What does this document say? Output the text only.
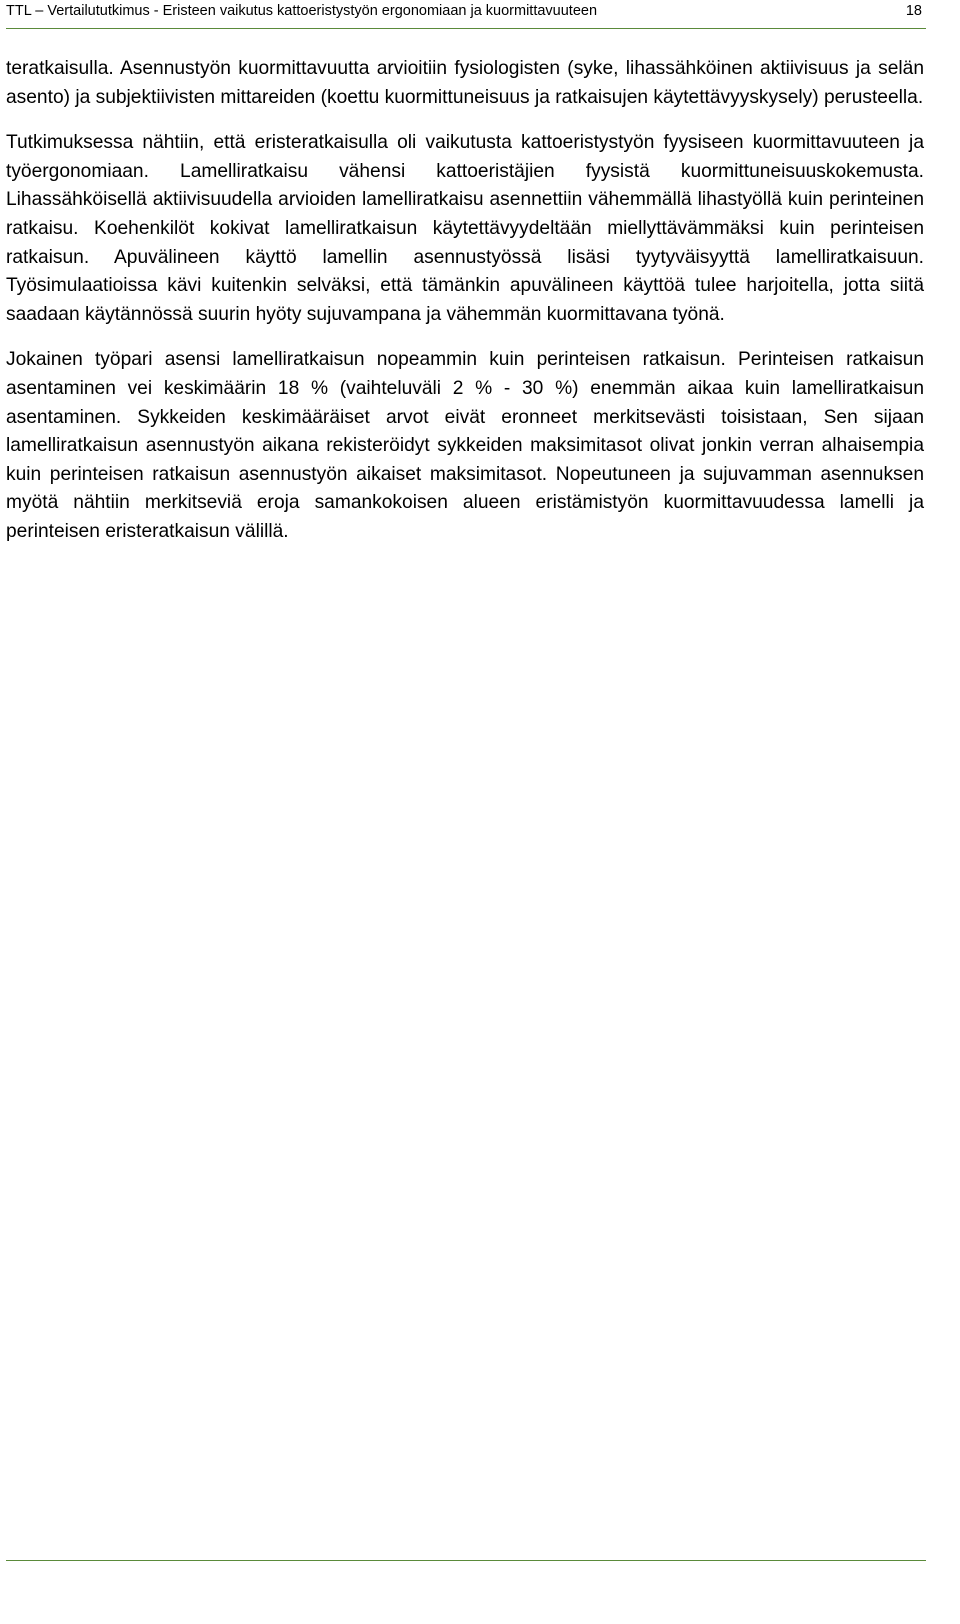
TTL – Vertailututkimus - Eristeen vaikutus kattoeristystyön ergonomiaan ja kuormittavuuteen	18

teratkaisulla. Asennustyön kuormittavuutta arvioitiin fysiologisten (syke, lihassähköinen aktiivisuus ja selän asento) ja subjektiivisten mittareiden (koettu kuormittuneisuus ja ratkaisujen käytettävyyskysely) perusteella.

Tutkimuksessa nähtiin, että eristeratkaisulla oli vaikutusta kattoeristystyön fyysiseen kuormittavuuteen ja työergonomiaan. Lamelliratkaisu vähensi kattoeristäjien fyysistä kuormittuneisuuskokemusta. Lihassähköisellä aktiivisuudella arvioiden lamelliratkaisu asennettiin vähemmällä lihastyöllä kuin perinteinen ratkaisu. Koehenkilöt kokivat lamelliratkaisun käytettävyydeltään miellyttävämmäksi kuin perinteisen ratkaisun. Apuvälineen käyttö lamellin asennustyössä lisäsi tyytyväisyyttä lamelliratkaisuun. Työsimulaatioissa kävi kuitenkin selväksi, että tämänkin apuvälineen käyttöä tulee harjoitella, jotta siitä saadaan käytännössä suurin hyöty sujuvampana ja vähemmän kuormittavana työnä.

Jokainen työpari asensi lamelliratkaisun nopeammin kuin perinteisen ratkaisun. Perinteisen ratkaisun asentaminen vei keskimäärin 18 % (vaihteluväli 2 % - 30 %) enemmän aikaa kuin lamelliratkaisun asentaminen. Sykkeiden keskimääräiset arvot eivät eronneet merkitsevästi toisistaan, Sen sijaan lamelliratkaisun asennustyön aikana rekisteröidyt sykkeiden maksimitasot olivat jonkin verran alhaisempia kuin perinteisen ratkaisun asennustyön aikaiset maksimitasot. Nopeutuneen ja sujuvamman asennuksen myötä nähtiin merkitseviä eroja samankokoisen alueen eristämistyön kuormittavuudessa lamelli ja perinteisen eristeratkaisun välillä.
